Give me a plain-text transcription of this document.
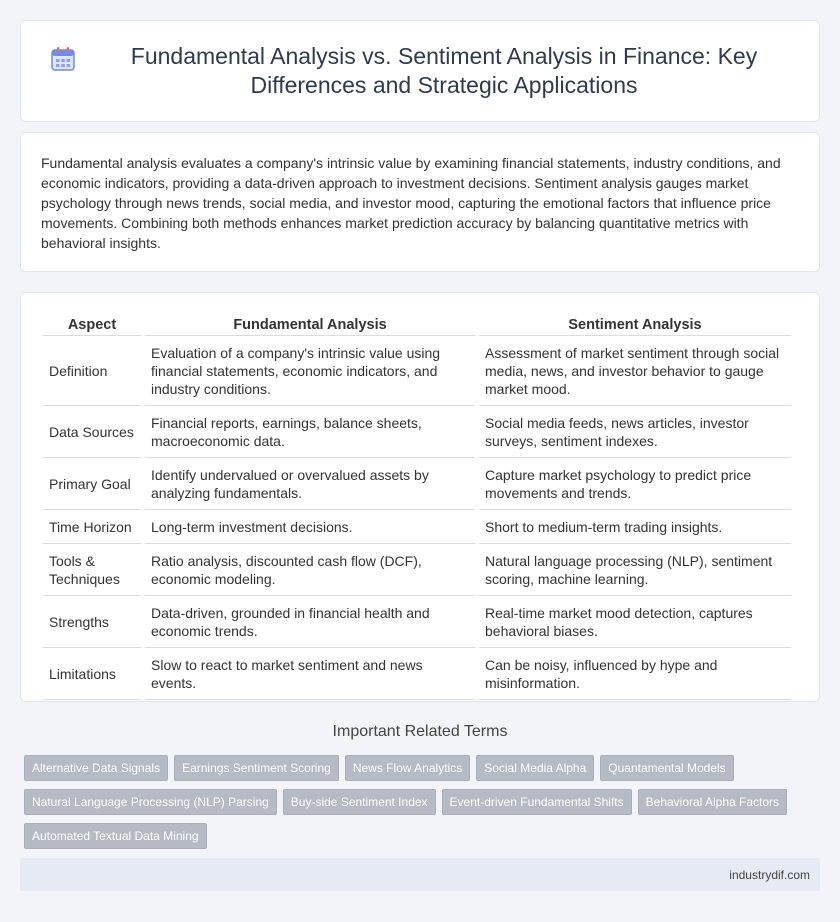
Fundamental Analysis vs. Sentiment Analysis in Finance: Key Differences and Strategic Applications

Fundamental analysis evaluates a company's intrinsic value by examining financial statements, industry conditions, and economic indicators, providing a data-driven approach to investment decisions. Sentiment analysis gauges market psychology through news trends, social media, and investor mood, capturing the emotional factors that influence price movements. Combining both methods enhances market prediction accuracy by balancing quantitative metrics with behavioral insights.

Aspect	Fundamental Analysis	Sentiment Analysis
Definition	Evaluation of a company's intrinsic value using financial statements, economic indicators, and industry conditions.	Assessment of market sentiment through social media, news, and investor behavior to gauge market mood.
Data Sources	Financial reports, earnings, balance sheets, macroeconomic data.	Social media feeds, news articles, investor surveys, sentiment indexes.
Primary Goal	Identify undervalued or overvalued assets by analyzing fundamentals.	Capture market psychology to predict price movements and trends.
Time Horizon	Long-term investment decisions.	Short to medium-term trading insights.
Tools & Techniques	Ratio analysis, discounted cash flow (DCF), economic modeling.	Natural language processing (NLP), sentiment scoring, machine learning.
Strengths	Data-driven, grounded in financial health and economic trends.	Real-time market mood detection, captures behavioral biases.
Limitations	Slow to react to market sentiment and news events.	Can be noisy, influenced by hype and misinformation.
Important Related Terms
Alternative Data Signals	Earnings Sentiment Scoring	News Flow Analytics	Social Media Alpha	Quantamental Models
Natural Language Processing (NLP) Parsing	Buy-side Sentiment Index	Event-driven Fundamental Shifts	Behavioral Alpha Factors
Automated Textual Data Mining
industrydif.com
